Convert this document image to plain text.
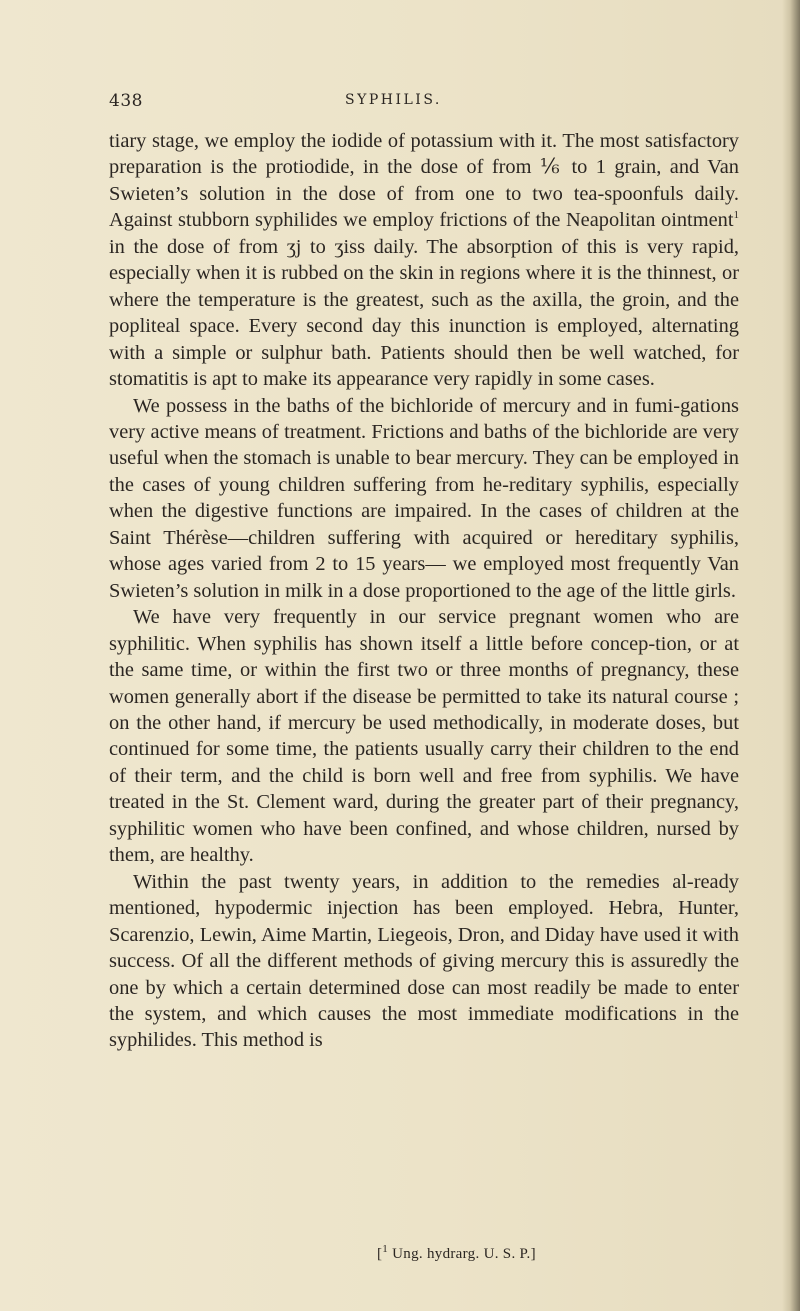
438	SYPHILIS.

tiary stage, we employ the iodide of potassium with it. The most satisfactory preparation is the protiodide, in the dose of from ⅙ to 1 grain, and Van Swieten’s solution in the dose of from one to two tea-spoonfuls daily. Against stubborn syphilides we employ frictions of the Neapolitan ointment$^1$ in the dose of from ʒj to ʒiss daily. The absorption of this is very rapid, especially when it is rubbed on the skin in regions where it is the thinnest, or where the temperature is the greatest, such as the axilla, the groin, and the popliteal space. Every second day this inunction is employed, alternating with a simple or sulphur bath. Patients should then be well watched, for stomatitis is apt to make its appearance very rapidly in some cases.

We possess in the baths of the bichloride of mercury and in fumi-gations very active means of treatment. Frictions and baths of the bichloride are very useful when the stomach is unable to bear mercury. They can be employed in the cases of young children suffering from he-reditary syphilis, especially when the digestive functions are impaired. In the cases of children at the Saint Thérèse—children suffering with acquired or hereditary syphilis, whose ages varied from 2 to 15 years— we employed most frequently Van Swieten’s solution in milk in a dose proportioned to the age of the little girls.

We have very frequently in our service pregnant women who are syphilitic. When syphilis has shown itself a little before concep-tion, or at the same time, or within the first two or three months of pregnancy, these women generally abort if the disease be permitted to take its natural course ; on the other hand, if mercury be used methodically, in moderate doses, but continued for some time, the patients usually carry their children to the end of their term, and the child is born well and free from syphilis. We have treated in the St. Clement ward, during the greater part of their pregnancy, syphilitic women who have been confined, and whose children, nursed by them, are healthy.

Within the past twenty years, in addition to the remedies al-ready mentioned, hypodermic injection has been employed. Hebra, Hunter, Scarenzio, Lewin, Aime Martin, Liegeois, Dron, and Diday have used it with success. Of all the different methods of giving mercury this is assuredly the one by which a certain determined dose can most readily be made to enter the system, and which causes the most immediate modifications in the syphilides. This method is

[$^1$ Ung. hydrarg. U. S. P.]
